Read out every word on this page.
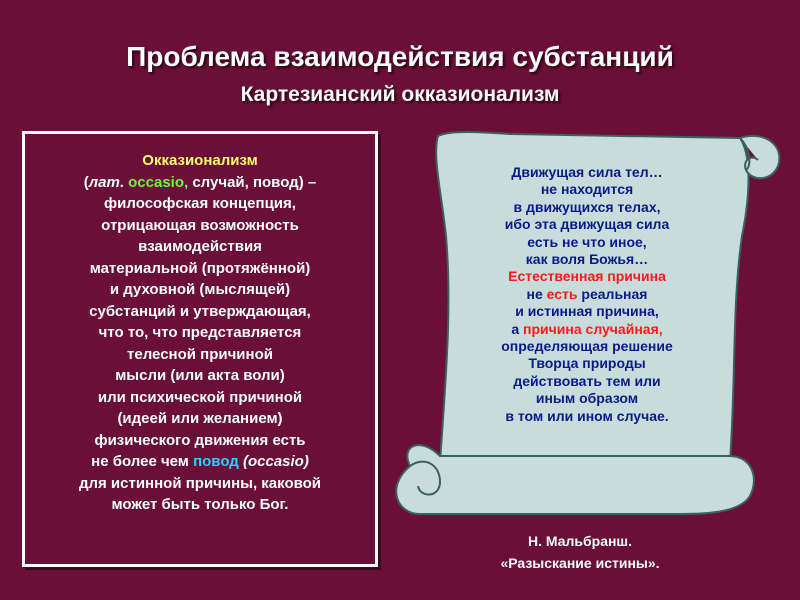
Проблема взаимодействия субстанций
Картезианский окказионализм
Окказионализм
(лат. occasio, случай, повод) –
философская концепция,
отрицающая возможность
взаимодействия
материальной (протяжённой)
и духовной (мыслящей)
субстанций и утверждающая,
что то, что представляется
телесной причиной
мысли (или акта воли)
или психической причиной
(идеей или желанием)
физического движения есть
не более чем повод (occasio)
для истинной причины, каковой
может быть только Бог.
Движущая сила тел…
не находится
в движущихся телах,
ибо эта движущая сила
есть не что иное,
как воля Божья…
Естественная причина
не есть реальная
и истинная причина,
а причина случайная,
определяющая решение
Творца природы
действовать тем или
иным образом
в том или ином случае.
Н. Мальбранш.
«Разыскание истины».
